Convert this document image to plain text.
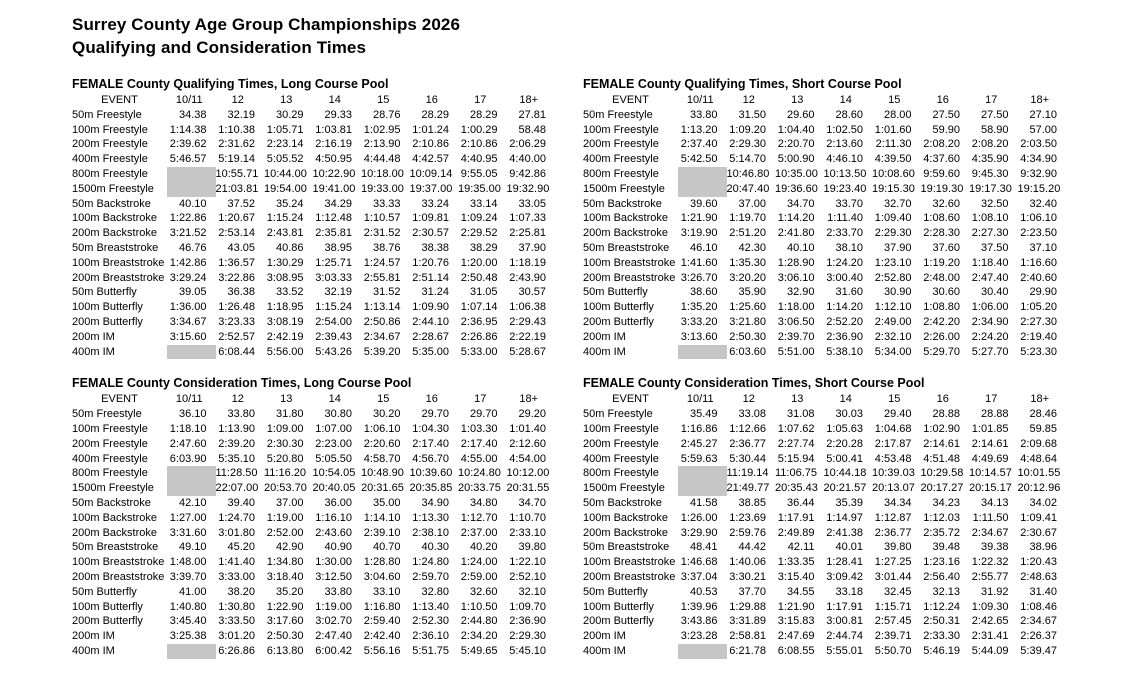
Surrey County Age Group Championships 2026
Qualifying and Consideration Times
FEMALE County Qualifying Times, Long Course Pool
EVENT	10/11	12	13	14	15	16	17	18+
50m Freestyle	34.38	32.19	30.29	29.33	28.76	28.29	28.29	27.81
100m Freestyle	1:14.38	1:10.38	1:05.71	1:03.81	1:02.95	1:01.24	1:00.29	58.48
200m Freestyle	2:39.62	2:31.62	2:23.14	2:16.19	2:13.90	2:10.86	2:10.86	2:06.29
400m Freestyle	5:46.57	5:19.14	5:05.52	4:50.95	4:44.48	4:42.57	4:40.95	4:40.00
800m Freestyle		10:55.71	10:44.00	10:22.90	10:18.00	10:09.14	9:55.05	9:42.86
1500m Freestyle		21:03.81	19:54.00	19:41.00	19:33.00	19:37.00	19:35.00	19:32.90
50m Backstroke	40.10	37.52	35.24	34.29	33.33	33.24	33.14	33.05
100m Backstroke	1:22.86	1:20.67	1:15.24	1:12.48	1:10.57	1:09.81	1:09.24	1:07.33
200m Backstroke	3:21.52	2:53.14	2:43.81	2:35.81	2:31.52	2:30.57	2:29.52	2:25.81
50m Breaststroke	46.76	43.05	40.86	38.95	38.76	38.38	38.29	37.90
100m Breaststroke	1:42.86	1:36.57	1:30.29	1:25.71	1:24.57	1:20.76	1:20.00	1:18.19
200m Breaststroke	3:29.24	3:22.86	3:08.95	3:03.33	2:55.81	2:51.14	2:50.48	2:43.90
50m Butterfly	39.05	36.38	33.52	32.19	31.52	31.24	31.05	30.57
100m Butterfly	1:36.00	1:26.48	1:18.95	1:15.24	1:13.14	1:09.90	1:07.14	1:06.38
200m Butterfly	3:34.67	3:23.33	3:08.19	2:54.00	2:50.86	2:44.10	2:36.95	2:29.43
200m IM	3:15.60	2:52.57	2:42.19	2:39.43	2:34.67	2:28.67	2:26.86	2:22.19
400m IM		6:08.44	5:56.00	5:43.26	5:39.20	5:35.00	5:33.00	5:28.67
FEMALE County Qualifying Times, Short Course Pool
EVENT	10/11	12	13	14	15	16	17	18+
50m Freestyle	33.80	31.50	29.60	28.60	28.00	27.50	27.50	27.10
100m Freestyle	1:13.20	1:09.20	1:04.40	1:02.50	1:01.60	59.90	58.90	57.00
200m Freestyle	2:37.40	2:29.30	2:20.70	2:13.60	2:11.30	2:08.20	2:08.20	2:03.50
400m Freestyle	5:42.50	5:14.70	5:00.90	4:46.10	4:39.50	4:37.60	4:35.90	4:34.90
800m Freestyle		10:46.80	10:35.00	10:13.50	10:08.60	9:59.60	9:45.30	9:32.90
1500m Freestyle		20:47.40	19:36.60	19:23.40	19:15.30	19:19.30	19:17.30	19:15.20
50m Backstroke	39.60	37.00	34.70	33.70	32.70	32.60	32.50	32.40
100m Backstroke	1:21.90	1:19.70	1:14.20	1:11.40	1:09.40	1:08.60	1:08.10	1:06.10
200m Backstroke	3:19.90	2:51.20	2:41.80	2:33.70	2:29.30	2:28.30	2:27.30	2:23.50
50m Breaststroke	46.10	42.30	40.10	38.10	37.90	37.60	37.50	37.10
100m Breaststroke	1:41.60	1:35.30	1:28.90	1:24.20	1:23.10	1:19.20	1:18.40	1:16.60
200m Breaststroke	3:26.70	3:20.20	3:06.10	3:00.40	2:52.80	2:48.00	2:47.40	2:40.60
50m Butterfly	38.60	35.90	32.90	31.60	30.90	30.60	30.40	29.90
100m Butterfly	1:35.20	1:25.60	1:18.00	1:14.20	1:12.10	1:08.80	1:06.00	1:05.20
200m Butterfly	3:33.20	3:21.80	3:06.50	2:52.20	2:49.00	2:42.20	2:34.90	2:27.30
200m IM	3:13.60	2:50.30	2:39.70	2:36.90	2:32.10	2:26.00	2:24.20	2:19.40
400m IM		6:03.60	5:51.00	5:38.10	5:34.00	5:29.70	5:27.70	5:23.30
FEMALE County Consideration Times, Long Course Pool
EVENT	10/11	12	13	14	15	16	17	18+
50m Freestyle	36.10	33.80	31.80	30.80	30.20	29.70	29.70	29.20
100m Freestyle	1:18.10	1:13.90	1:09.00	1:07.00	1:06.10	1:04.30	1:03.30	1:01.40
200m Freestyle	2:47.60	2:39.20	2:30.30	2:23.00	2:20.60	2:17.40	2:17.40	2:12.60
400m Freestyle	6:03.90	5:35.10	5:20.80	5:05.50	4:58.70	4:56.70	4:55.00	4:54.00
800m Freestyle		11:28.50	11:16.20	10:54.05	10:48.90	10:39.60	10:24.80	10:12.00
1500m Freestyle		22:07.00	20:53.70	20:40.05	20:31.65	20:35.85	20:33.75	20:31.55
50m Backstroke	42.10	39.40	37.00	36.00	35.00	34.90	34.80	34.70
100m Backstroke	1:27.00	1:24.70	1:19.00	1:16.10	1:14.10	1:13.30	1:12.70	1:10.70
200m Backstroke	3:31.60	3:01.80	2:52.00	2:43.60	2:39.10	2:38.10	2:37.00	2:33.10
50m Breaststroke	49.10	45.20	42.90	40.90	40.70	40.30	40.20	39.80
100m Breaststroke	1:48.00	1:41.40	1:34.80	1:30.00	1:28.80	1:24.80	1:24.00	1:22.10
200m Breaststroke	3:39.70	3:33.00	3:18.40	3:12.50	3:04.60	2:59.70	2:59.00	2:52.10
50m Butterfly	41.00	38.20	35.20	33.80	33.10	32.80	32.60	32.10
100m Butterfly	1:40.80	1:30.80	1:22.90	1:19.00	1:16.80	1:13.40	1:10.50	1:09.70
200m Butterfly	3:45.40	3:33.50	3:17.60	3:02.70	2:59.40	2:52.30	2:44.80	2:36.90
200m IM	3:25.38	3:01.20	2:50.30	2:47.40	2:42.40	2:36.10	2:34.20	2:29.30
400m IM		6:26.86	6:13.80	6:00.42	5:56.16	5:51.75	5:49.65	5:45.10
FEMALE County Consideration Times, Short Course Pool
EVENT	10/11	12	13	14	15	16	17	18+
50m Freestyle	35.49	33.08	31.08	30.03	29.40	28.88	28.88	28.46
100m Freestyle	1:16.86	1:12.66	1:07.62	1:05.63	1:04.68	1:02.90	1:01.85	59.85
200m Freestyle	2:45.27	2:36.77	2:27.74	2:20.28	2:17.87	2:14.61	2:14.61	2:09.68
400m Freestyle	5:59.63	5:30.44	5:15.94	5:00.41	4:53.48	4:51.48	4:49.69	4:48.64
800m Freestyle		11:19.14	11:06.75	10:44.18	10:39.03	10:29.58	10:14.57	10:01.55
1500m Freestyle		21:49.77	20:35.43	20:21.57	20:13.07	20:17.27	20:15.17	20:12.96
50m Backstroke	41.58	38.85	36.44	35.39	34.34	34.23	34.13	34.02
100m Backstroke	1:26.00	1:23.69	1:17.91	1:14.97	1:12.87	1:12.03	1:11.50	1:09.41
200m Backstroke	3:29.90	2:59.76	2:49.89	2:41.38	2:36.77	2:35.72	2:34.67	2:30.67
50m Breaststroke	48.41	44.42	42.11	40.01	39.80	39.48	39.38	38.96
100m Breaststroke	1:46.68	1:40.06	1:33.35	1:28.41	1:27.25	1:23.16	1:22.32	1:20.43
200m Breaststroke	3:37.04	3:30.21	3:15.40	3:09.42	3:01.44	2:56.40	2:55.77	2:48.63
50m Butterfly	40.53	37.70	34.55	33.18	32.45	32.13	31.92	31.40
100m Butterfly	1:39.96	1:29.88	1:21.90	1:17.91	1:15.71	1:12.24	1:09.30	1:08.46
200m Butterfly	3:43.86	3:31.89	3:15.83	3:00.81	2:57.45	2:50.31	2:42.65	2:34.67
200m IM	3:23.28	2:58.81	2:47.69	2:44.74	2:39.71	2:33.30	2:31.41	2:26.37
400m IM		6:21.78	6:08.55	5:55.01	5:50.70	5:46.19	5:44.09	5:39.47
